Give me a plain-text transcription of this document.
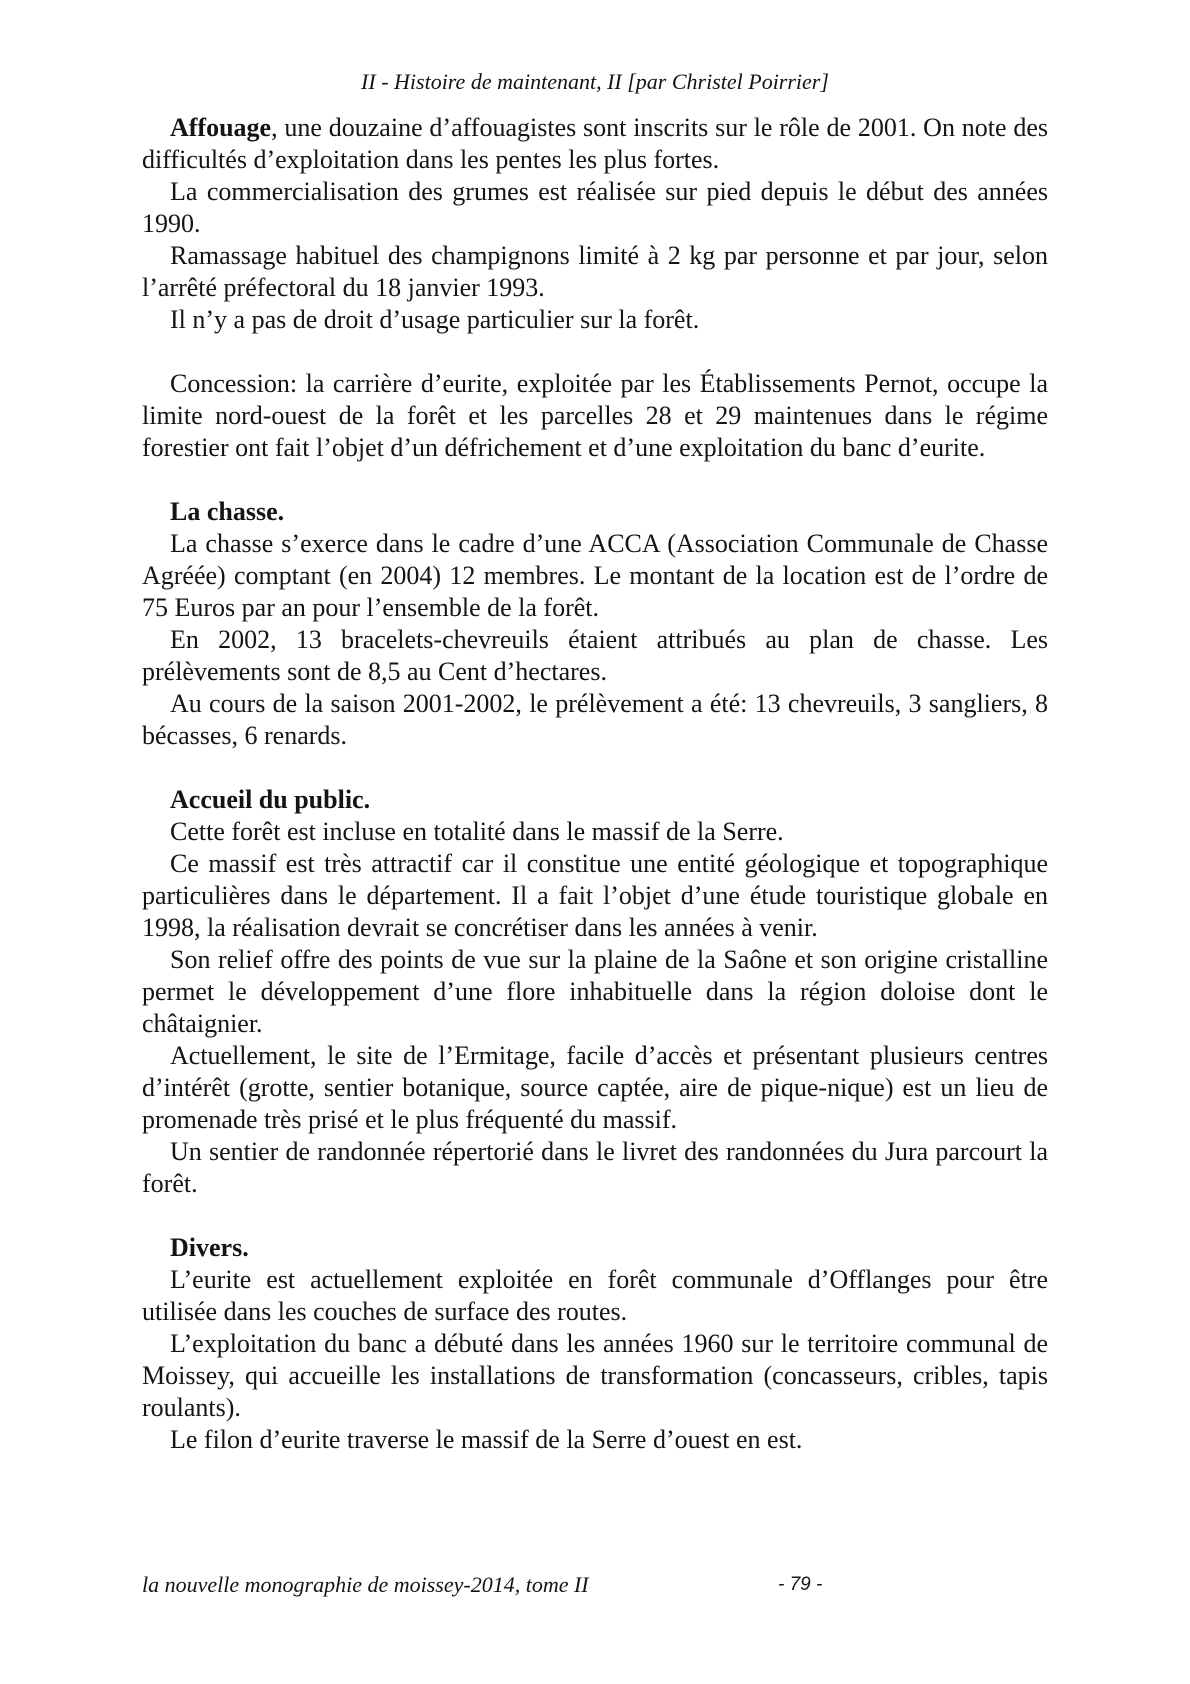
II - Histoire de maintenant, II [par Christel Poirrier]

Affouage, une douzaine d’affouagistes sont inscrits sur le rôle de 2001. On note des difficultés d’exploitation dans les pentes les plus fortes.

La commercialisation des grumes est réalisée sur pied depuis le début des années 1990.

Ramassage habituel des champignons limité à 2 kg par personne et par jour, selon l’arrêté préfectoral du 18 janvier 1993.

Il n’y a pas de droit d’usage particulier sur la forêt.

Concession: la carrière d’eurite, exploitée par les Établissements Pernot, occupe la limite nord-ouest de la forêt et les parcelles 28 et 29 maintenues dans le régime forestier ont fait l’objet d’un défrichement et d’une exploitation du banc d’eurite.

La chasse.

La chasse s’exerce dans le cadre d’une ACCA (Association Communale de Chasse Agréée) comptant (en 2004) 12 membres. Le montant de la location est de l’ordre de 75 Euros par an pour l’ensemble de la forêt.

En 2002, 13 bracelets-chevreuils étaient attribués au plan de chasse. Les prélèvements sont de 8,5 au Cent d’hectares.

Au cours de la saison 2001-2002, le prélèvement a été: 13 chevreuils, 3 sangliers, 8 bécasses, 6 renards.

Accueil du public.

Cette forêt est incluse en totalité dans le massif de la Serre.

Ce massif est très attractif car il constitue une entité géologique et topographique particulières dans le département. Il a fait l’objet d’une étude touristique globale en 1998, la réalisation devrait se concrétiser dans les années à venir.

Son relief offre des points de vue sur la plaine de la Saône et son origine cristalline permet le développement d’une flore inhabituelle dans la région doloise dont le châtaignier.

Actuellement, le site de l’Ermitage, facile d’accès et présentant plusieurs centres d’intérêt (grotte, sentier botanique, source captée, aire de pique-nique) est un lieu de promenade très prisé et le plus fréquenté du massif.

Un sentier de randonnée répertorié dans le livret des randonnées du Jura parcourt la forêt.

Divers.

L’eurite est actuellement exploitée en forêt communale d’Offlanges pour être utilisée dans les couches de surface des routes.

L’exploitation du banc a débuté dans les années 1960 sur le territoire communal de Moissey, qui accueille les installations de transformation (concasseurs, cribles, tapis roulants).

Le filon d’eurite traverse le massif de la Serre d’ouest en est.

la nouvelle monographie de moissey-2014, tome II	- 79 -
